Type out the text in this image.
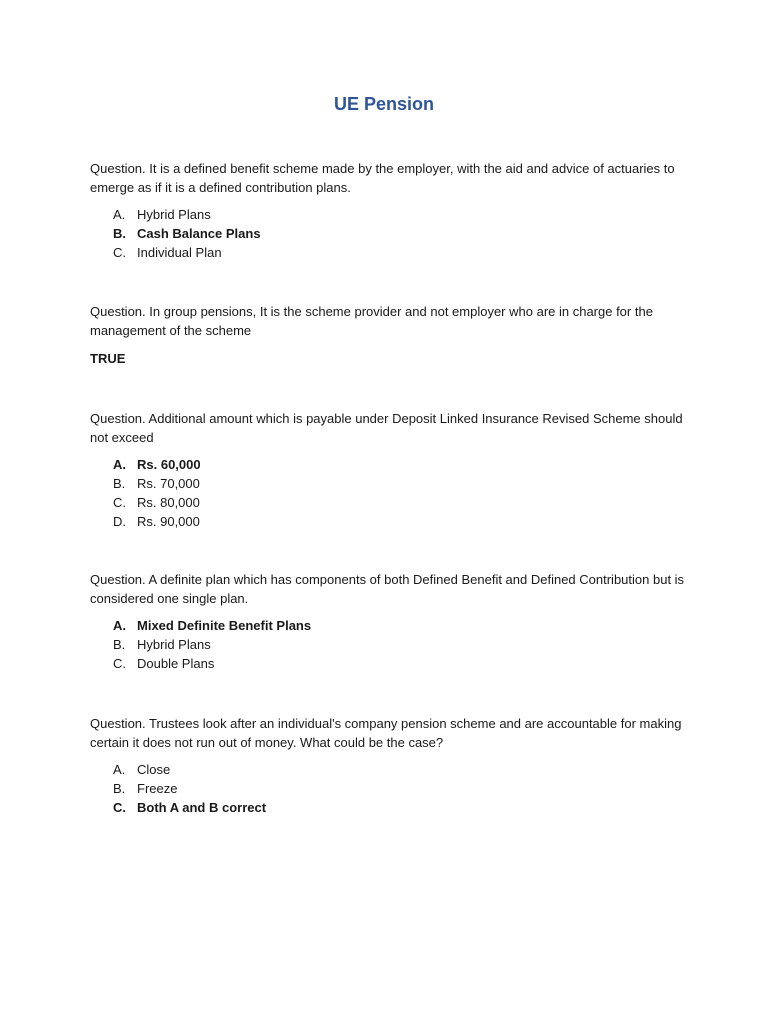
UE Pension

Question. It is a defined benefit scheme made by the employer, with the aid and advice of actuaries to emerge as if it is a defined contribution plans.

A. Hybrid Plans
B. Cash Balance Plans
C. Individual Plan

Question. In group pensions, It is the scheme provider and not employer who are in charge for the management of the scheme

TRUE

Question. Additional amount which is payable under Deposit Linked Insurance Revised Scheme should not exceed

A. Rs. 60,000
B. Rs. 70,000
C. Rs. 80,000
D. Rs. 90,000

Question. A definite plan which has components of both Defined Benefit and Defined Contribution but is considered one single plan.

A. Mixed Definite Benefit Plans
B. Hybrid Plans
C. Double Plans

Question. Trustees look after an individual's company pension scheme and are accountable for making certain it does not run out of money. What could be the case?

A. Close
B. Freeze
C. Both A and B correct
